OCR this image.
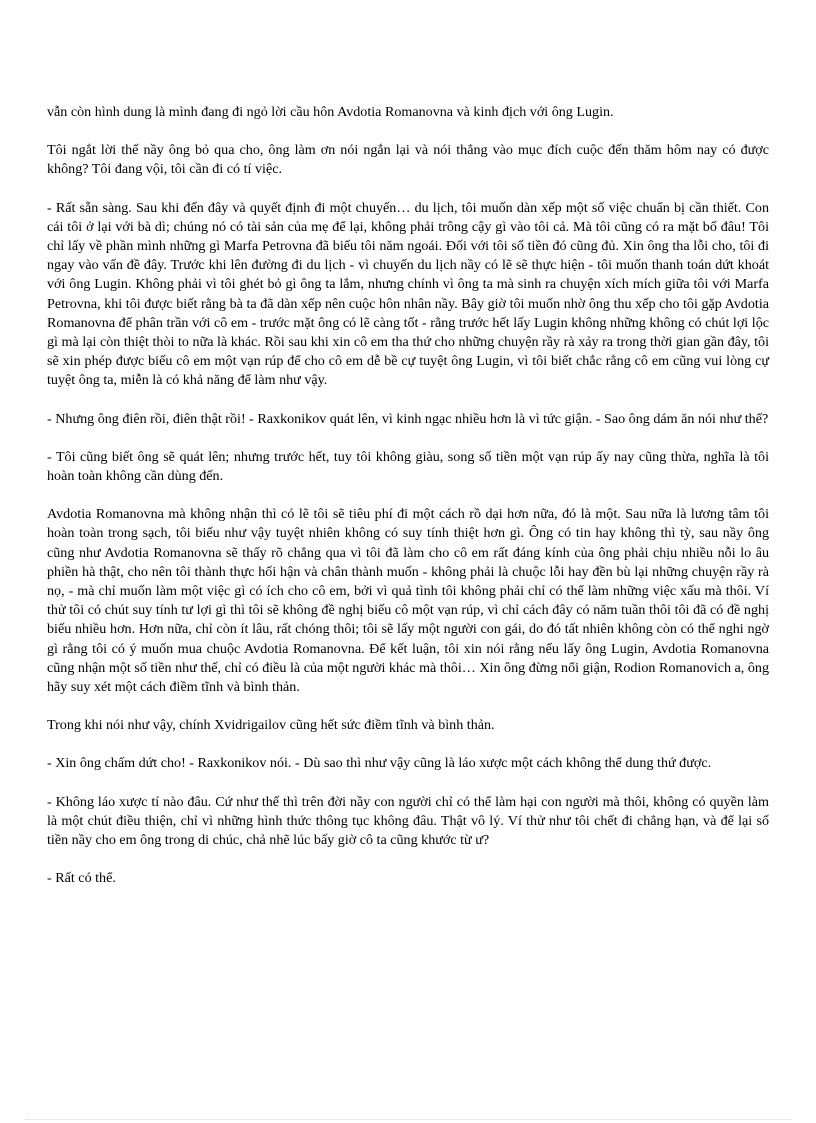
vẫn còn hình dung là mình đang đi ngỏ lời cầu hôn Avdotia Romanovna và kinh địch với ông Lugin.

Tôi ngắt lời thế nầy ông bỏ qua cho, ông làm ơn nói ngắn lại và nói thẳng vào mục đích cuộc đến thăm hôm nay có được không? Tôi đang vội, tôi cần đi có tí việc.

- Rất sẵn sàng. Sau khi đến đây và quyết định đi một chuyến… du lịch, tôi muốn dàn xếp một số việc chuẩn bị cần thiết. Con cái tôi ở lại với bà dì; chúng nó có tài sản của mẹ để lại, không phải trông cậy gì vào tôi cả. Mà tôi cũng có ra mặt bố đâu! Tôi chỉ lấy về phần mình những gì Marfa Petrovna đã biếu tôi năm ngoái. Đối với tôi số tiền đó cũng đủ. Xin ông tha lỗi cho, tôi đi ngay vào vấn đề đây. Trước khi lên đường đi du lịch - vì chuyến du lịch nầy có lẽ sẽ thực hiện - tôi muốn thanh toán dứt khoát với ông Lugin. Không phải vì tôi ghét bỏ gì ông ta lắm, nhưng chính vì ông ta mà sinh ra chuyện xích mích giữa tôi với Marfa Petrovna, khi tôi được biết rằng bà ta đã dàn xếp nên cuộc hôn nhân nầy. Bây giờ tôi muốn nhờ ông thu xếp cho tôi gặp Avdotia Romanovna để phân trần với cô em - trước mặt ông có lẽ càng tốt - rằng trước hết lấy Lugin không những không có chút lợi lộc gì mà lại còn thiệt thòi to nữa là khác. Rồi sau khi xin cô em tha thứ cho những chuyện rầy rà xảy ra trong thời gian gần đây, tôi sẽ xin phép được biếu cô em một vạn rúp để cho cô em dễ bề cự tuyệt ông Lugin, vì tôi biết chắc rằng cô em cũng vui lòng cự tuyệt ông ta, miễn là có khả năng để làm như vậy.

- Nhưng ông điên rồi, điên thật rồi! - Raxkonikov quát lên, vì kinh ngạc nhiều hơn là vì tức giận. - Sao ông dám ăn nói như thế?

- Tôi cũng biết ông sẽ quát lên; nhưng trước hết, tuy tôi không giàu, song số tiền một vạn rúp ấy nay cũng thừa, nghĩa là tôi hoàn toàn không cần dùng đến.

Avdotia Romanovna mà không nhận thì có lẽ tôi sẽ tiêu phí đi một cách rồ dại hơn nữa, đó là một. Sau nữa là lương tâm tôi hoàn toàn trong sạch, tôi biếu như vậy tuyệt nhiên không có suy tính thiệt hơn gì. Ông có tin hay không thì tỳ, sau nầy ông cũng như Avdotia Romanovna sẽ thấy rõ chẳng qua vì tôi đã làm cho cô em rất đáng kính của ông phải chịu nhiều nỗi lo âu phiền hà thật, cho nên tôi thành thực hối hận và chân thành muốn - không phải là chuộc lỗi hay đền bù lại những chuyện rầy rà nọ, - mà chỉ muốn làm một việc gì có ích cho cô em, bởi vì quả tình tôi không phải chỉ có thể làm những việc xấu mà thôi. Ví thử tôi có chút suy tính tư lợi gì thì tôi sẽ không đề nghị biếu cô một vạn rúp, vì chỉ cách đây có năm tuần thôi tôi đã có đề nghị biếu nhiều hơn. Hơn nữa, chỉ còn ít lâu, rất chóng thôi; tôi sẽ lấy một người con gái, do đó tất nhiên không còn có thể nghi ngờ gì rằng tôi có ý muốn mua chuộc Avdotia Romanovna. Để kết luận, tôi xin nói rằng nếu lấy ông Lugin, Avdotia Romanovna cũng nhận một số tiền như thế, chỉ có điều là của một người khác mà thôi… Xin ông đừng nổi giận, Rodion Romanovich a, ông hãy suy xét một cách điềm tĩnh và bình thản.

Trong khi nói như vậy, chính Xvidrigailov cũng hết sức điềm tĩnh và bình thản.

- Xin ông chấm dứt cho! - Raxkonikov nói. - Dù sao thì như vậy cũng là láo xược một cách không thể dung thứ được.

- Không láo xược tí nào đâu. Cứ như thế thì trên đời nầy con người chỉ có thể làm hại con người mà thôi, không có quyền làm là một chút điều thiện, chỉ vì những hình thức thông tục không đâu. Thật vô lý. Ví thử như tôi chết đi chẳng hạn, và để lại số tiền nầy cho em ông trong di chúc, chả nhẽ lúc bấy giờ cô ta cũng khước từ ư?

- Rất có thể.
